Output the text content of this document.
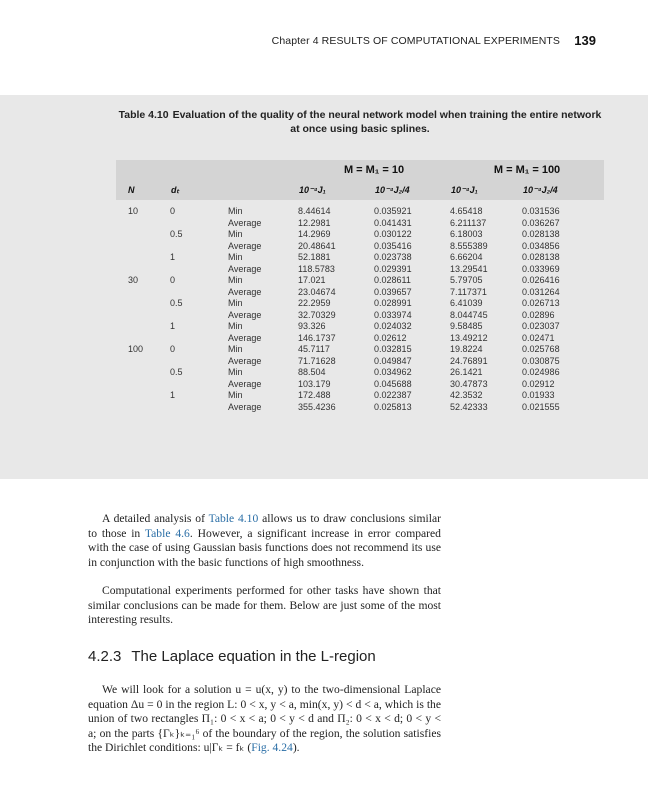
Chapter 4 RESULTS OF COMPUTATIONAL EXPERIMENTS 139
Table 4.10 Evaluation of the quality of the neural network model when training the entire network at once using basic splines.
			M = M₁ = 10		M = M₁ = 100	
N	dₜ		10⁻⁴J₁	10⁻⁴J₂/4	10⁻⁴J₁	10⁻⁴J₂/4
10	0	Min	8.44614	0.035921	4.65418	0.031536
		Average	12.2981	0.041431	6.211137	0.036267
	0.5	Min	14.2969	0.030122	6.18003	0.028138
		Average	20.48641	0.035416	8.555389	0.034856
	1	Min	52.1881	0.023738	6.66204	0.028138
		Average	118.5783	0.029391	13.29541	0.033969
30	0	Min	17.021	0.028611	5.79705	0.026416
		Average	23.04674	0.039657	7.117371	0.031264
	0.5	Min	22.2959	0.028991	6.41039	0.026713
		Average	32.70329	0.033974	8.044745	0.02896
	1	Min	93.326	0.024032	9.58485	0.023037
		Average	146.1737	0.02612	13.49212	0.02471
100	0	Min	45.7117	0.032815	19.8224	0.025768
		Average	71.71628	0.049847	24.76891	0.030875
	0.5	Min	88.504	0.034962	26.1421	0.024986
		Average	103.179	0.045688	30.47873	0.02912
	1	Min	172.488	0.022387	42.3532	0.01933
		Average	355.4236	0.025813	52.42333	0.021555
A detailed analysis of Table 4.10 allows us to draw conclusions similar to those in Table 4.6. However, a significant increase in error compared with the case of using Gaussian basis functions does not recommend its use in conjunction with the basic functions of high smoothness.
Computational experiments performed for other tasks have shown that similar conclusions can be made for them. Below are just some of the most interesting results.
4.2.3 The Laplace equation in the L-region
We will look for a solution u = u(x, y) to the two-dimensional Laplace equation Δu = 0 in the region L: 0 < x, y < a, min(x, y) < d < a, which is the union of two rectangles Π₁: 0 < x < a; 0 < y < d and Π₂: 0 < x < d; 0 < y < a; on the parts {Γₖ}ₖ₌₁⁶ of the boundary of the region, the solution satisfies the Dirichlet conditions: u|Γₖ = fₖ (Fig. 4.24).
